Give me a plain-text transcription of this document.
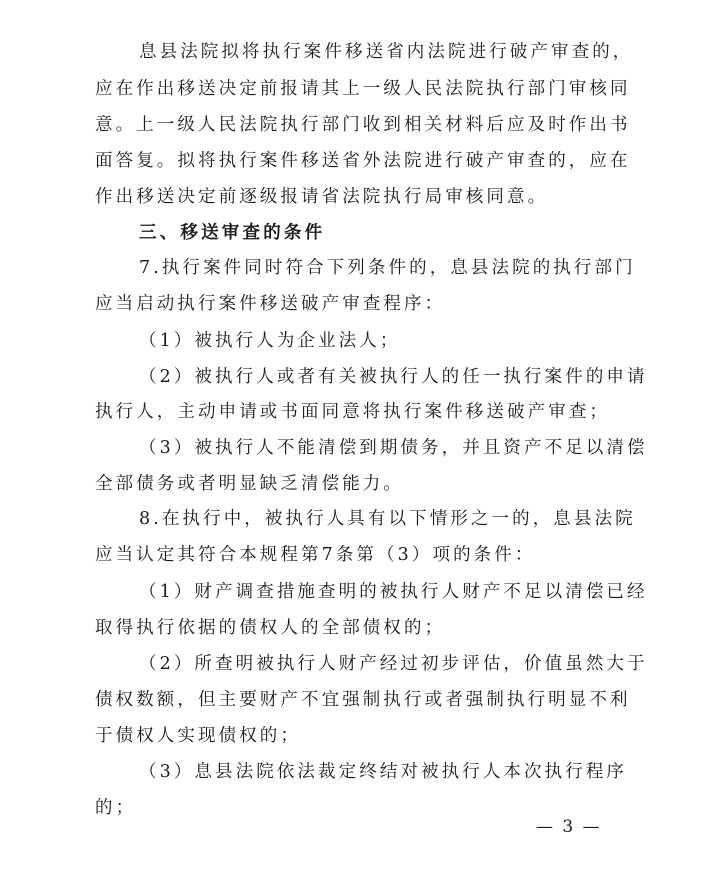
息县法院拟将执行案件移送省内法院进行破产审查的，
应在作出移送决定前报请其上一级人民法院执行部门审核同
意。上一级人民法院执行部门收到相关材料后应及时作出书
面答复。拟将执行案件移送省外法院进行破产审查的，应在
作出移送决定前逐级报请省法院执行局审核同意。
三、移送审查的条件
7.执行案件同时符合下列条件的，息县法院的执行部门
应当启动执行案件移送破产审查程序：
（1）被执行人为企业法人；
（2）被执行人或者有关被执行人的任一执行案件的申请
执行人，主动申请或书面同意将执行案件移送破产审查；
（3）被执行人不能清偿到期债务，并且资产不足以清偿
全部债务或者明显缺乏清偿能力。
8.在执行中，被执行人具有以下情形之一的，息县法院
应当认定其符合本规程第7条第（3）项的条件：
（1）财产调查措施查明的被执行人财产不足以清偿已经
取得执行依据的债权人的全部债权的；
（2）所查明被执行人财产经过初步评估，价值虽然大于
债权数额，但主要财产不宜强制执行或者强制执行明显不利
于债权人实现债权的；
（3）息县法院依法裁定终结对被执行人本次执行程序
的；
— 3 —
